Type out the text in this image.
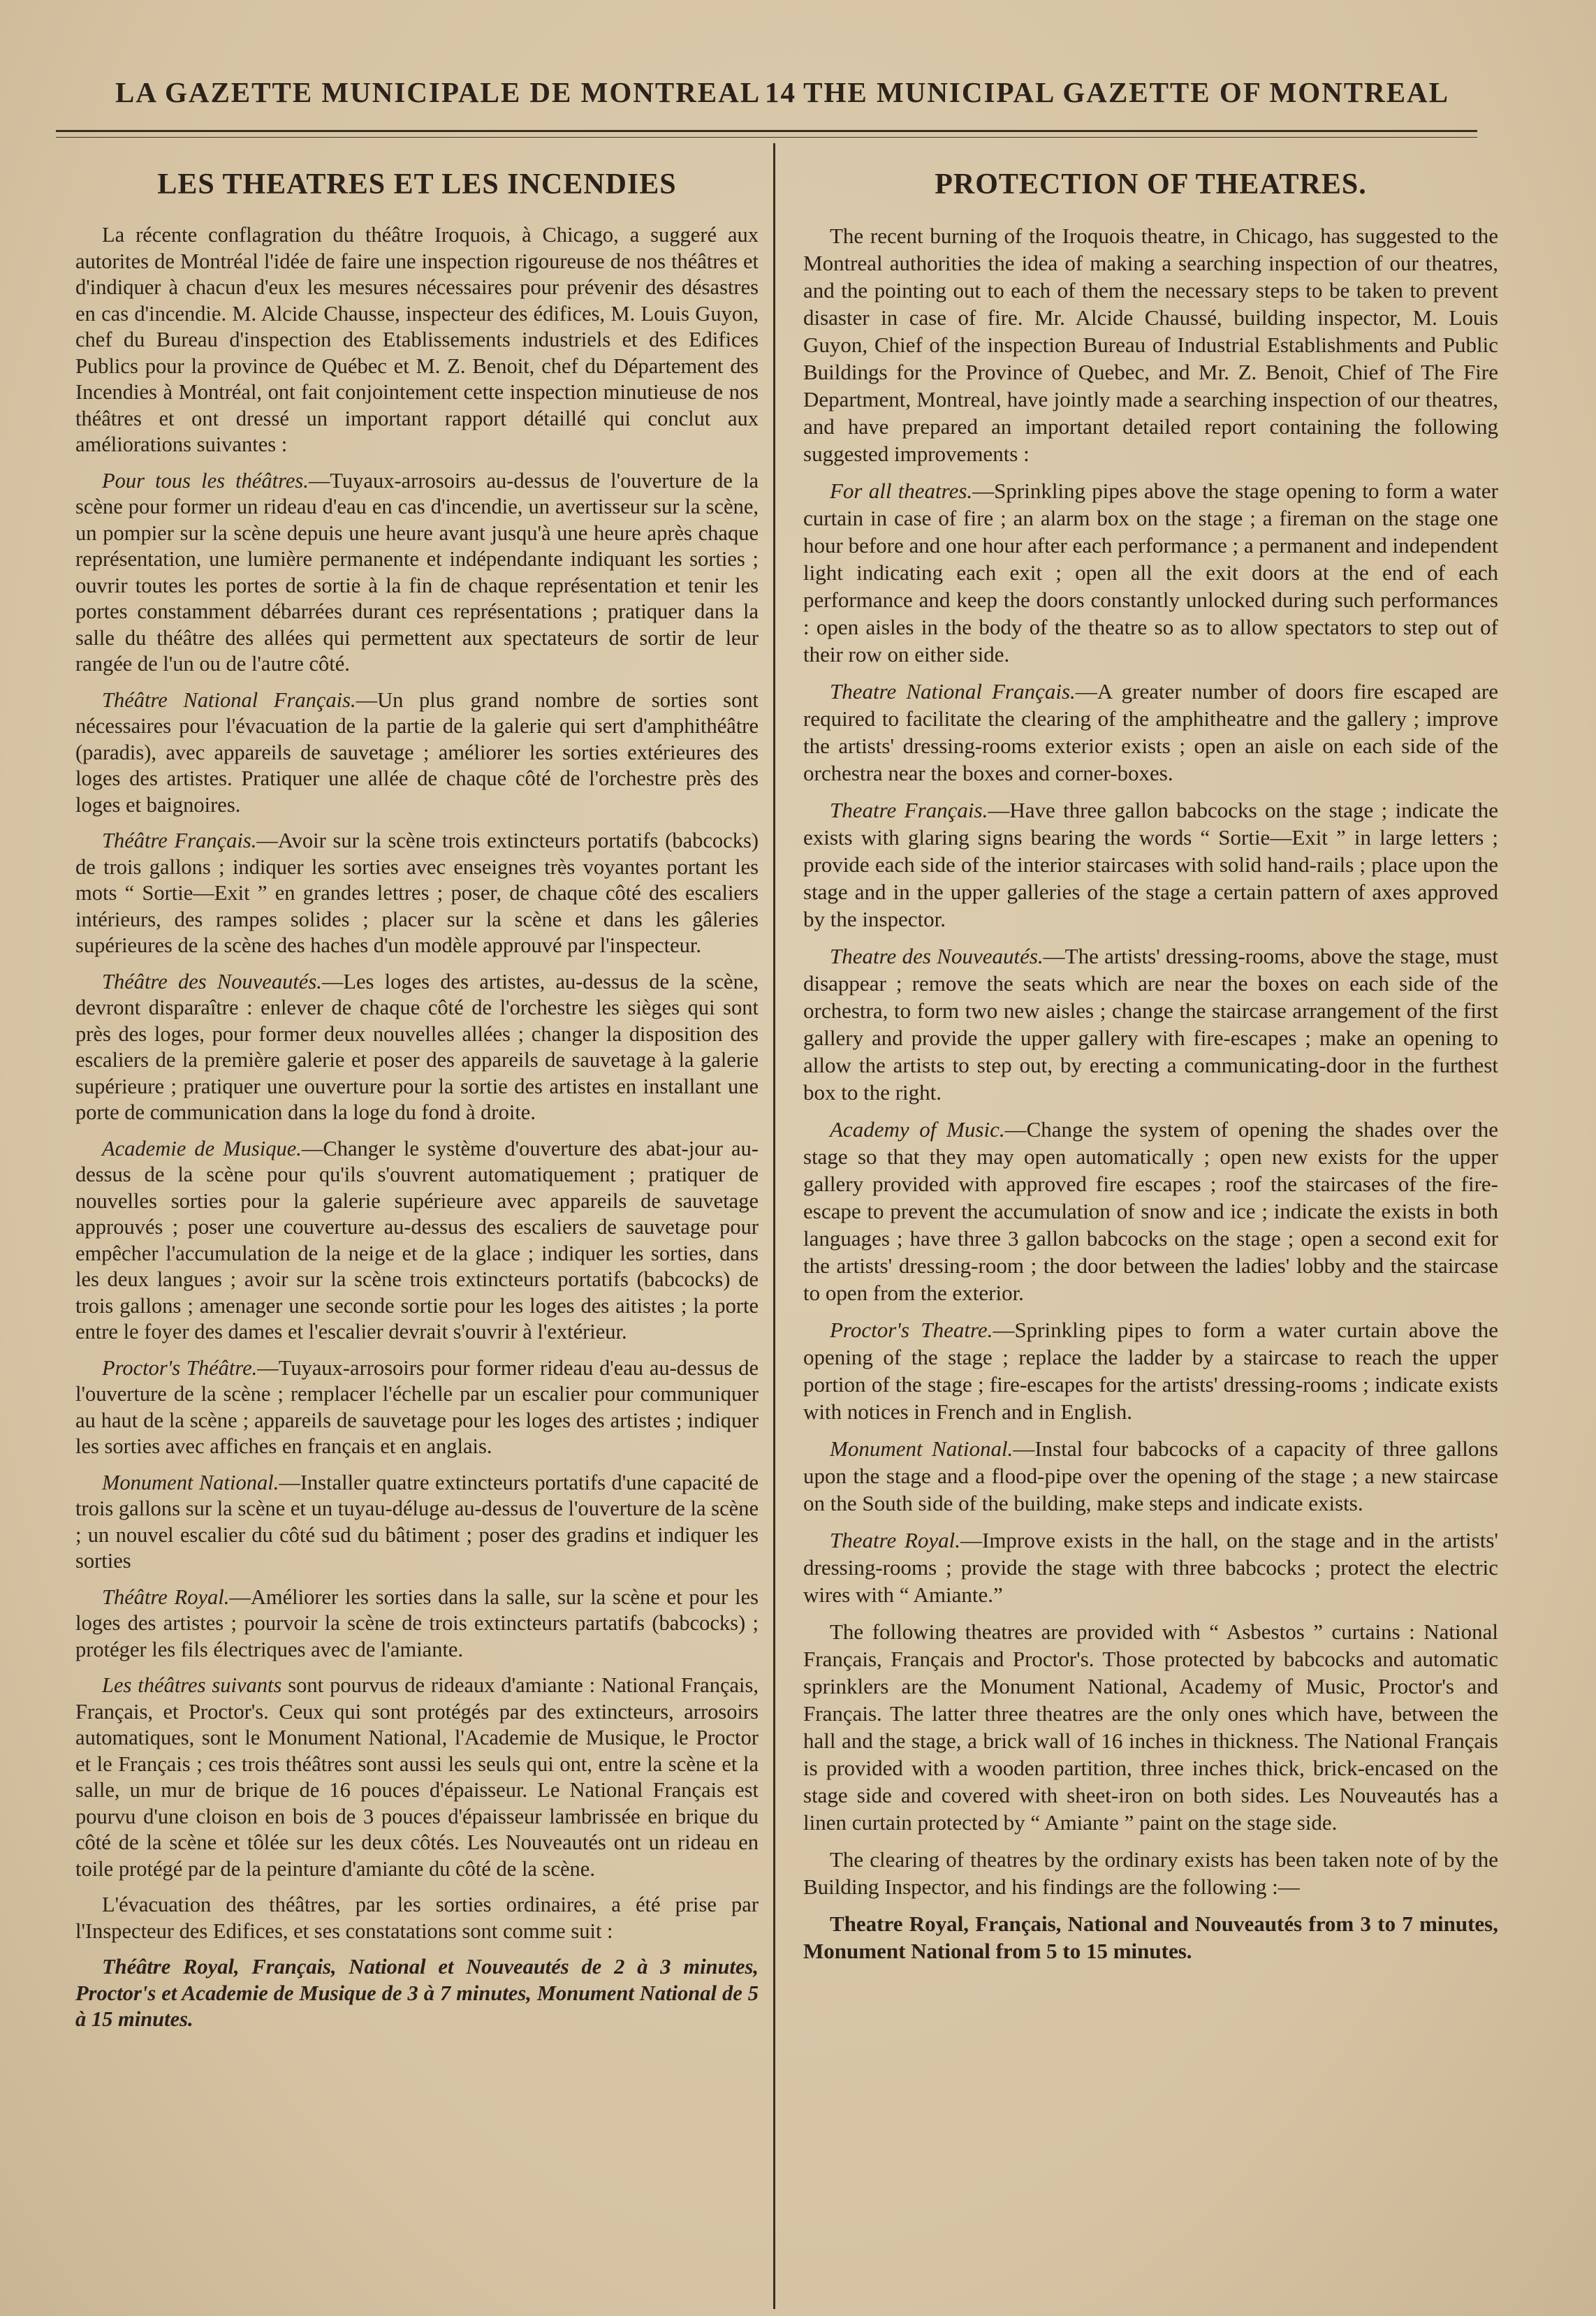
LA GAZETTE MUNICIPALE DE MONTREAL 14 THE MUNICIPAL GAZETTE OF MONTREAL
LES THEATRES ET LES INCENDIES

La récente conflagration du théâtre Iroquois, à Chicago, a suggeré aux autorites de Montréal l'idée de faire une inspection rigoureuse de nos théâtres et d'indiquer à chacun d'eux les mesures nécessaires pour prévenir des désastres en cas d'incendie. M. Alcide Chausse, inspecteur des édifices, M. Louis Guyon, chef du Bureau d'inspection des Etablissements industriels et des Edifices Publics pour la province de Québec et M. Z. Benoit, chef du Département des Incendies à Montréal, ont fait conjointement cette inspection minutieuse de nos théâtres et ont dressé un important rapport détaillé qui conclut aux améliorations suivantes :

Pour tous les théâtres.—Tuyaux-arrosoirs au-dessus de l'ouverture de la scène pour former un rideau d'eau en cas d'incendie, un avertisseur sur la scène, un pompier sur la scène depuis une heure avant jusqu'à une heure après chaque représentation, une lumière permanente et indépendante indiquant les sorties ; ouvrir toutes les portes de sortie à la fin de chaque représentation et tenir les portes constamment débarrées durant ces représentations ; pratiquer dans la salle du théâtre des allées qui permettent aux spectateurs de sortir de leur rangée de l'un ou de l'autre côté.

Théâtre National Français.—Un plus grand nombre de sorties sont nécessaires pour l'évacuation de la partie de la galerie qui sert d'amphithéâtre (paradis), avec appareils de sauvetage ; améliorer les sorties extérieures des loges des artistes. Pratiquer une allée de chaque côté de l'orchestre près des loges et baignoires.

Théâtre Français.—Avoir sur la scène trois extincteurs portatifs (babcocks) de trois gallons ; indiquer les sorties avec enseignes très voyantes portant les mots “ Sortie—Exit ” en grandes lettres ; poser, de chaque côté des escaliers intérieurs, des rampes solides ; placer sur la scène et dans les gâleries supérieures de la scène des haches d'un modèle approuvé par l'inspecteur.

Théâtre des Nouveautés.—Les loges des artistes, au-dessus de la scène, devront disparaître : enlever de chaque côté de l'orchestre les sièges qui sont près des loges, pour former deux nouvelles allées ; changer la disposition des escaliers de la première galerie et poser des appareils de sauvetage à la galerie supérieure ; pratiquer une ouverture pour la sortie des artistes en installant une porte de communication dans la loge du fond à droite.

Academie de Musique.—Changer le système d'ouverture des abat-jour au-dessus de la scène pour qu'ils s'ouvrent automatiquement ; pratiquer de nouvelles sorties pour la galerie supérieure avec appareils de sauvetage approuvés ; poser une couverture au-dessus des escaliers de sauvetage pour empêcher l'accumulation de la neige et de la glace ; indiquer les sorties, dans les deux langues ; avoir sur la scène trois extincteurs portatifs (babcocks) de trois gallons ; amenager une seconde sortie pour les loges des aitistes ; la porte entre le foyer des dames et l'escalier devrait s'ouvrir à l'extérieur.

Proctor's Théâtre.—Tuyaux-arrosoirs pour former rideau d'eau au-dessus de l'ouverture de la scène ; remplacer l'échelle par un escalier pour communiquer au haut de la scène ; appareils de sauvetage pour les loges des artistes ; indiquer les sorties avec affiches en français et en anglais.

Monument National.—Installer quatre extincteurs portatifs d'une capacité de trois gallons sur la scène et un tuyau-déluge au-dessus de l'ouverture de la scène ; un nouvel escalier du côté sud du bâtiment ; poser des gradins et indiquer les sorties

Théâtre Royal.—Améliorer les sorties dans la salle, sur la scène et pour les loges des artistes ; pourvoir la scène de trois extincteurs partatifs (babcocks) ; protéger les fils électriques avec de l'amiante.

Les théâtres suivants sont pourvus de rideaux d'amiante : National Français, Français, et Proctor's. Ceux qui sont protégés par des extincteurs, arrosoirs automatiques, sont le Monument National, l'Academie de Musique, le Proctor et le Français ; ces trois théâtres sont aussi les seuls qui ont, entre la scène et la salle, un mur de brique de 16 pouces d'épaisseur. Le National Français est pourvu d'une cloison en bois de 3 pouces d'épaisseur lambrissée en brique du côté de la scène et tôlée sur les deux côtés. Les Nouveautés ont un rideau en toile protégé par de la peinture d'amiante du côté de la scène.

L'évacuation des théâtres, par les sorties ordinaires, a été prise par l'Inspecteur des Edifices, et ses constatations sont comme suit :

Théâtre Royal, Français, National et Nouveautés de 2 à 3 minutes, Proctor's et Academie de Musique de 3 à 7 minutes, Monument National de 5 à 15 minutes.

PROTECTION OF THEATRES.

The recent burning of the Iroquois theatre, in Chicago, has suggested to the Montreal authorities the idea of making a searching inspection of our theatres, and the pointing out to each of them the necessary steps to be taken to prevent disaster in case of fire. Mr. Alcide Chaussé, building inspector, M. Louis Guyon, Chief of the inspection Bureau of Industrial Establishments and Public Buildings for the Province of Quebec, and Mr. Z. Benoit, Chief of The Fire Department, Montreal, have jointly made a searching inspection of our theatres, and have prepared an important detailed report containing the following suggested improvements :

For all theatres.—Sprinkling pipes above the stage opening to form a water curtain in case of fire ; an alarm box on the stage ; a fireman on the stage one hour before and one hour after each performance ; a permanent and independent light indicating each exit ; open all the exit doors at the end of each performance and keep the doors constantly unlocked during such performances : open aisles in the body of the theatre so as to allow spectators to step out of their row on either side.

Theatre National Français.—A greater number of doors fire escaped are required to facilitate the clearing of the amphitheatre and the gallery ; improve the artists' dressing-rooms exterior exists ; open an aisle on each side of the orchestra near the boxes and corner-boxes.

Theatre Français.—Have three gallon babcocks on the stage ; indicate the exists with glaring signs bearing the words “ Sortie—Exit ” in large letters ; provide each side of the interior staircases with solid hand-rails ; place upon the stage and in the upper galleries of the stage a certain pattern of axes approved by the inspector.

Theatre des Nouveautés.—The artists' dressing-rooms, above the stage, must disappear ; remove the seats which are near the boxes on each side of the orchestra, to form two new aisles ; change the staircase arrangement of the first gallery and provide the upper gallery with fire-escapes ; make an opening to allow the artists to step out, by erecting a communicating-door in the furthest box to the right.

Academy of Music.—Change the system of opening the shades over the stage so that they may open automatically ; open new exists for the upper gallery provided with approved fire escapes ; roof the staircases of the fire-escape to prevent the accumulation of snow and ice ; indicate the exists in both languages ; have three 3 gallon babcocks on the stage ; open a second exit for the artists' dressing-room ; the door between the ladies' lobby and the staircase to open from the exterior.

Proctor's Theatre.—Sprinkling pipes to form a water curtain above the opening of the stage ; replace the ladder by a staircase to reach the upper portion of the stage ; fire-escapes for the artists' dressing-rooms ; indicate exists with notices in French and in English.

Monument National.—Instal four babcocks of a capacity of three gallons upon the stage and a flood-pipe over the opening of the stage ; a new staircase on the South side of the building, make steps and indicate exists.

Theatre Royal.—Improve exists in the hall, on the stage and in the artists' dressing-rooms ; provide the stage with three babcocks ; protect the electric wires with “ Amiante.”

The following theatres are provided with “ Asbestos ” curtains : National Français, Français and Proctor's. Those protected by babcocks and automatic sprinklers are the Monument National, Academy of Music, Proctor's and Français. The latter three theatres are the only ones which have, between the hall and the stage, a brick wall of 16 inches in thickness. The National Français is provided with a wooden partition, three inches thick, brick-encased on the stage side and covered with sheet-iron on both sides. Les Nouveautés has a linen curtain protected by “ Amiante ” paint on the stage side.

The clearing of theatres by the ordinary exists has been taken note of by the Building Inspector, and his findings are the following :—

Theatre Royal, Français, National and Nouveautés from 3 to 7 minutes, Monument National from 5 to 15 minutes.
